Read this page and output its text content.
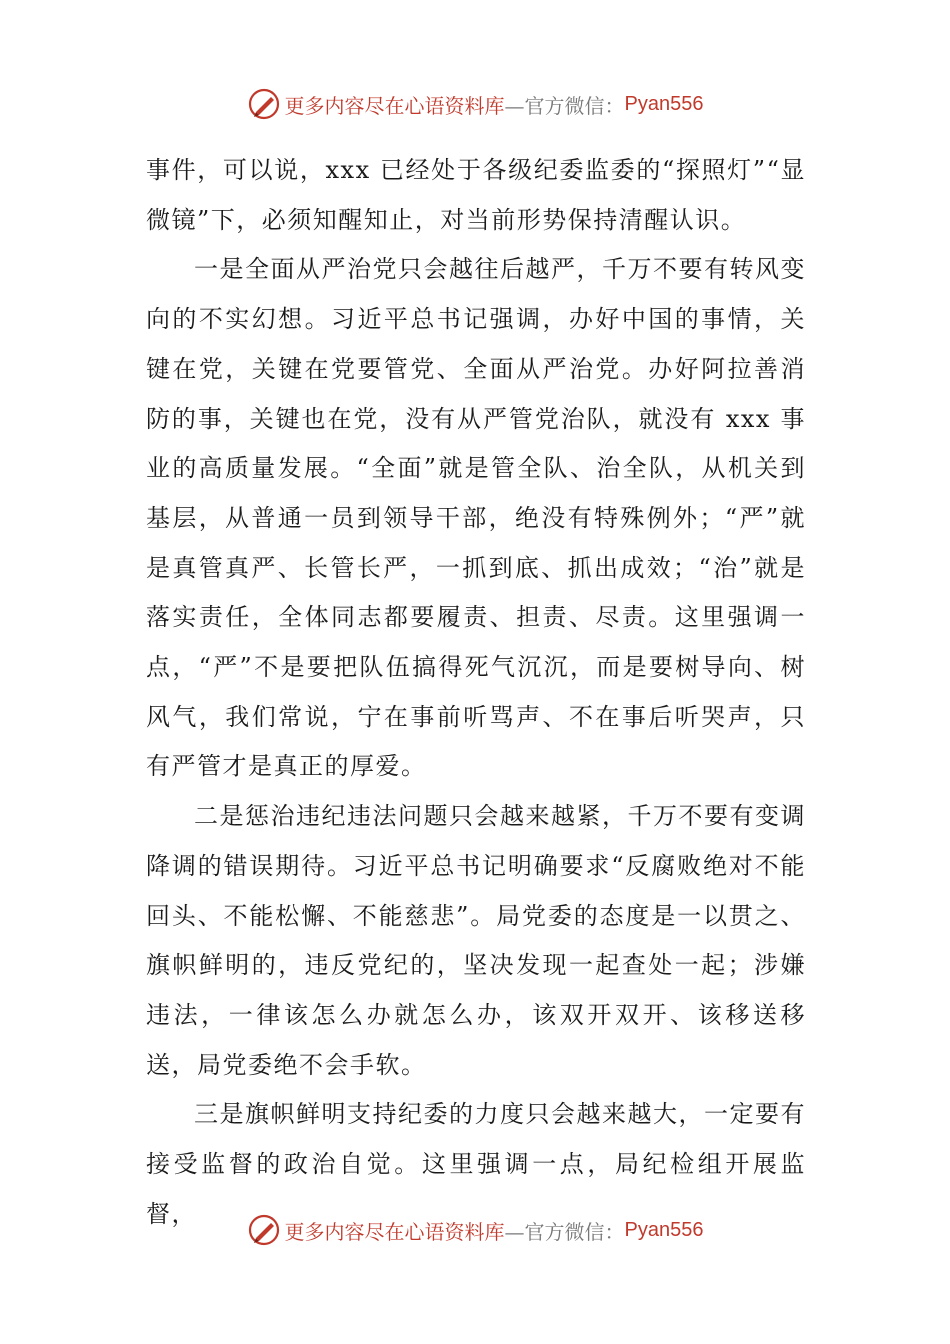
更多内容尽在心语资料库 —官方微信： Pyan556

事件，可以说，xxx 已经处于各级纪委监委的“探照灯”“显微镜”下，必须知醒知止，对当前形势保持清醒认识。

一是全面从严治党只会越往后越严，千万不要有转风变向的不实幻想。习近平总书记强调，办好中国的事情，关键在党，关键在党要管党、全面从严治党。办好阿拉善消防的事，关键也在党，没有从严管党治队，就没有 xxx 事业的高质量发展。“全面”就是管全队、治全队，从机关到基层，从普通一员到领导干部，绝没有特殊例外；“严”就是真管真严、长管长严，一抓到底、抓出成效；“治”就是落实责任，全体同志都要履责、担责、尽责。这里强调一点，“严”不是要把队伍搞得死气沉沉，而是要树导向、树风气，我们常说，宁在事前听骂声、不在事后听哭声，只有严管才是真正的厚爱。

二是惩治违纪违法问题只会越来越紧，千万不要有变调降调的错误期待。习近平总书记明确要求“反腐败绝对不能回头、不能松懈、不能慈悲”。局党委的态度是一以贯之、旗帜鲜明的，违反党纪的，坚决发现一起查处一起；涉嫌违法，一律该怎么办就怎么办，该双开双开、该移送移送，局党委绝不会手软。

三是旗帜鲜明支持纪委的力度只会越来越大，一定要有接受监督的政治自觉。这里强调一点，局纪检组开展监督，

更多内容尽在心语资料库 —官方微信： Pyan556
